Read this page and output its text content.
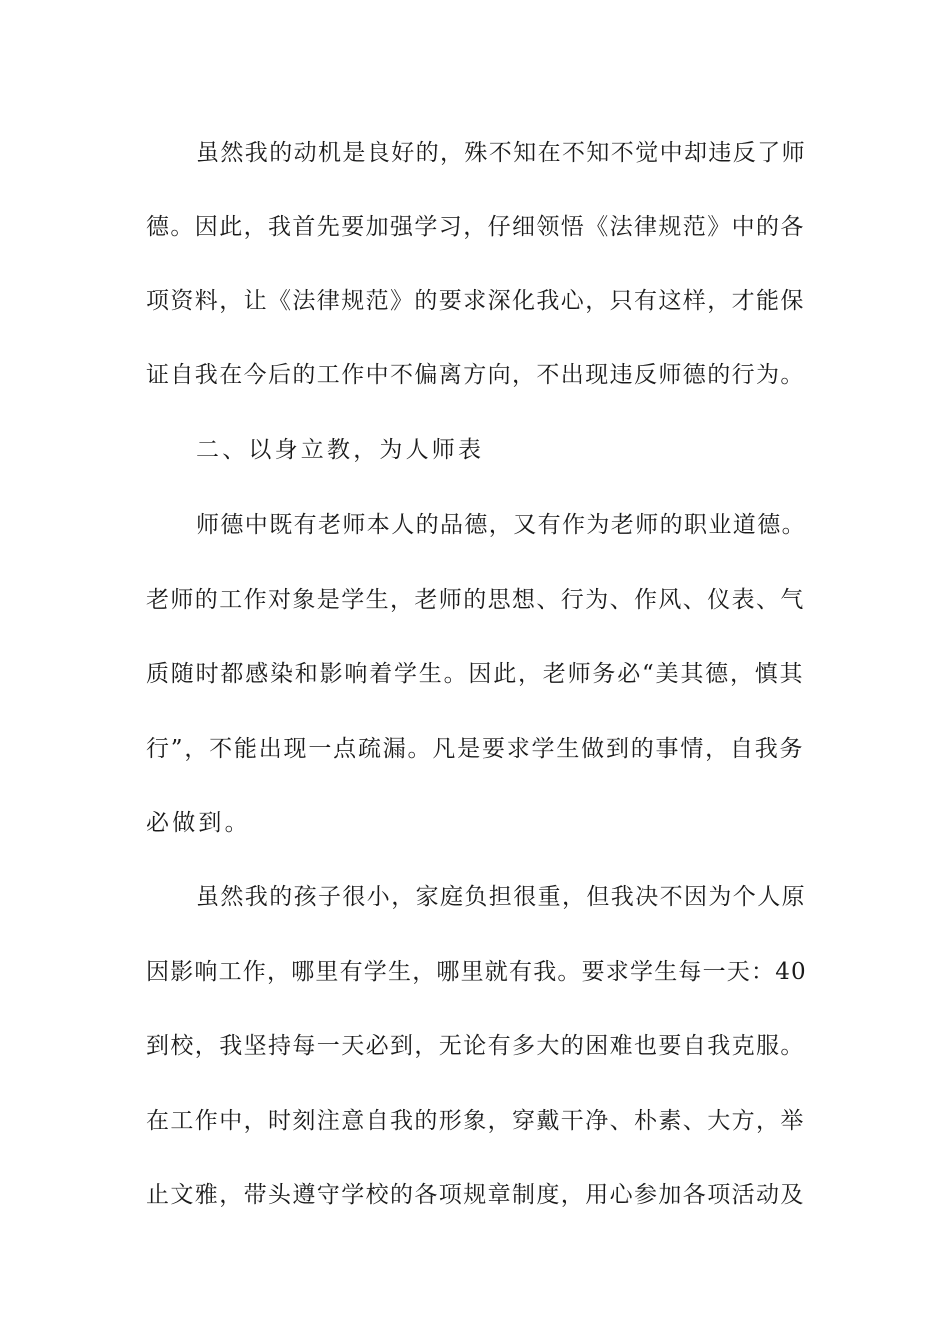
虽然我的动机是良好的，殊不知在不知不觉中却违反了师
德。因此，我首先要加强学习，仔细领悟《法律规范》中的各
项资料，让《法律规范》的要求深化我心，只有这样，才能保
证自我在今后的工作中不偏离方向，不出现违反师德的行为。
二、以身立教，为人师表
师德中既有老师本人的品德，又有作为老师的职业道德。
老师的工作对象是学生，老师的思想、行为、作风、仪表、气
质随时都感染和影响着学生。因此，老师务必“美其德，慎其
行”，不能出现一点疏漏。凡是要求学生做到的事情，自我务
必做到。
虽然我的孩子很小，家庭负担很重，但我决不因为个人原
因影响工作，哪里有学生，哪里就有我。要求学生每一天：40
到校，我坚持每一天必到，无论有多大的困难也要自我克服。
在工作中，时刻注意自我的形象，穿戴干净、朴素、大方，举
止文雅，带头遵守学校的各项规章制度，用心参加各项活动及
